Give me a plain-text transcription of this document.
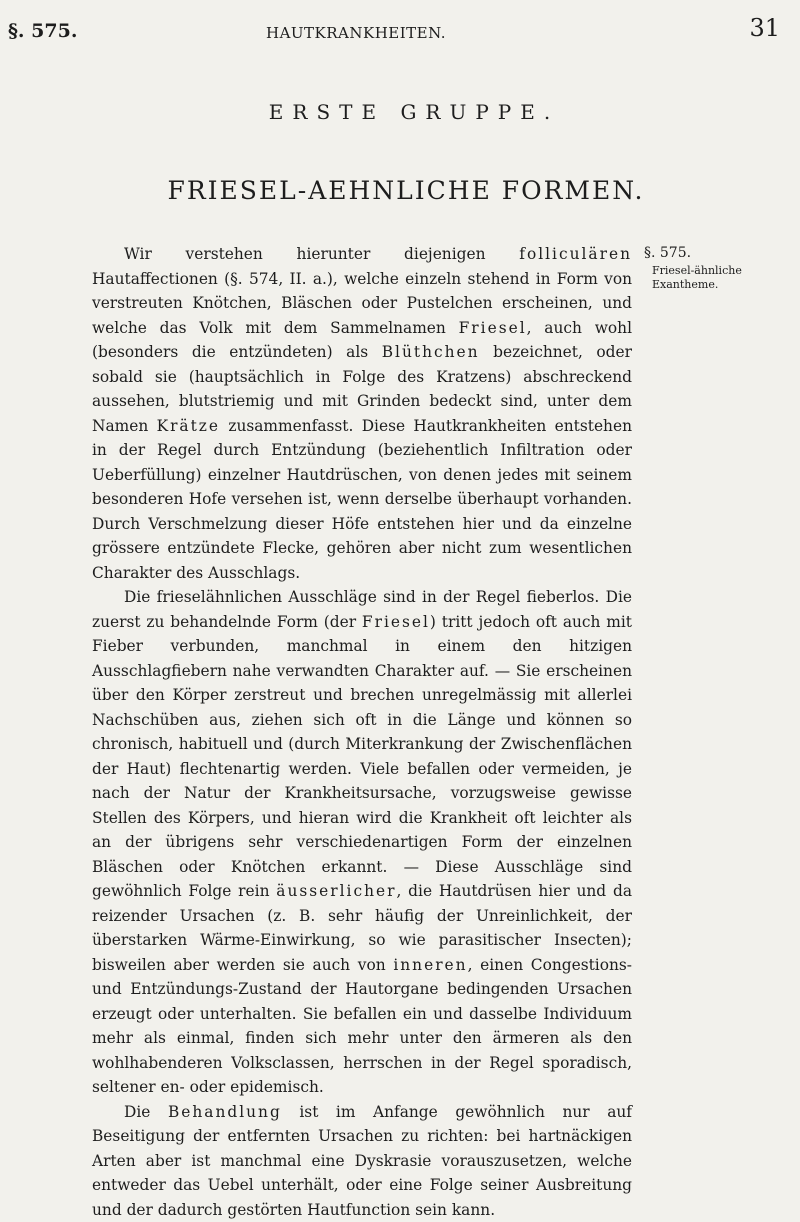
§. 575.	HAUTKRANKHEITEN.	31
ERSTE GRUPPE.
FRIESEL-AEHNLICHE FORMEN.
§. 575.
Friesel-ähnliche Exantheme.

Wir verstehen hierunter diejenigen folliculären Hautaffectionen (§. 574, II. a.), welche einzeln stehend in Form von verstreuten Knötchen, Bläschen oder Pustelchen erscheinen, und welche das Volk mit dem Sammelnamen Friesel, auch wohl (besonders die entzündeten) als Blüthchen bezeichnet, oder sobald sie (hauptsächlich in Folge des Kratzens) abschreckend aussehen, blutstriemig und mit Grinden bedeckt sind, unter dem Namen Krätze zusammenfasst. Diese Hautkrankheiten entstehen in der Regel durch Entzündung (beziehentlich Infiltration oder Ueberfüllung) einzelner Hautdrüschen, von denen jedes mit seinem besonderen Hofe versehen ist, wenn derselbe überhaupt vorhanden. Durch Verschmelzung dieser Höfe entstehen hier und da einzelne grössere entzündete Flecke, gehören aber nicht zum wesentlichen Charakter des Ausschlags.

Die frieselähnlichen Ausschläge sind in der Regel fieberlos. Die zuerst zu behandelnde Form (der Friesel) tritt jedoch oft auch mit Fieber verbunden, manchmal in einem den hitzigen Ausschlagfiebern nahe verwandten Charakter auf. — Sie erscheinen über den Körper zerstreut und brechen unregelmässig mit allerlei Nachschüben aus, ziehen sich oft in die Länge und können so chronisch, habituell und (durch Miterkrankung der Zwischenflächen der Haut) flechtenartig werden. Viele befallen oder vermeiden, je nach der Natur der Krankheitsursache, vorzugsweise gewisse Stellen des Körpers, und hieran wird die Krankheit oft leichter als an der übrigens sehr verschiedenartigen Form der einzelnen Bläschen oder Knötchen erkannt. — Diese Ausschläge sind gewöhnlich Folge rein äusserlicher, die Hautdrüsen hier und da reizender Ursachen (z. B. sehr häufig der Unreinlichkeit, der überstarken Wärme-Einwirkung, so wie parasitischer Insecten); bisweilen aber werden sie auch von inneren, einen Congestions- und Entzündungs-Zustand der Hautorgane bedingenden Ursachen erzeugt oder unterhalten. Sie befallen ein und dasselbe Individuum mehr als einmal, finden sich mehr unter den ärmeren als den wohlhabenderen Volksclassen, herrschen in der Regel sporadisch, seltener en- oder epidemisch.

Die Behandlung ist im Anfange gewöhnlich nur auf Beseitigung der entfernten Ursachen zu richten: bei hartnäckigen Arten aber ist manchmal eine Dyskrasie vorauszusetzen, welche entweder das Uebel unterhält, oder eine Folge seiner Ausbreitung und der dadurch gestörten Hautfunction sein kann.
